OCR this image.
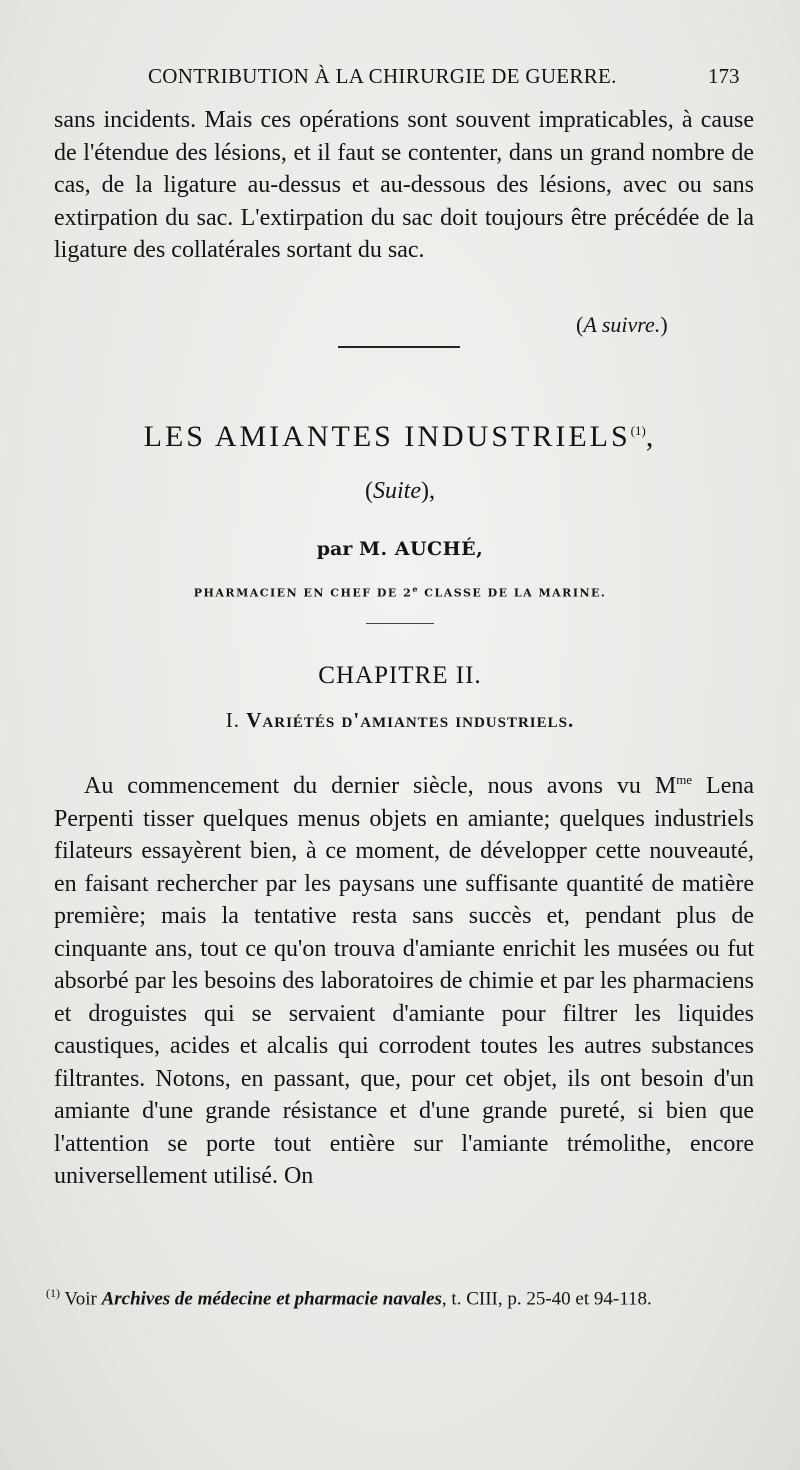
CONTRIBUTION À LA CHIRURGIE DE GUERRE.	173

sans incidents. Mais ces opérations sont souvent impraticables, à cause de l'étendue des lésions, et il faut se contenter, dans un grand nombre de cas, de la ligature au-dessus et au-dessous des lésions, avec ou sans extirpation du sac. L'extirpation du sac doit toujours être précédée de la ligature des collatérales sortant du sac.

(A suivre.)
LES AMIANTES INDUSTRIELS$^{(1)}$,
(Suite),
par M. AUCHÉ,
PHARMACIEN EN CHEF DE 2e CLASSE DE LA MARINE.
CHAPITRE II.
I. Variétés d'amiantes industriels.

Au commencement du dernier siècle, nous avons vu $M^{me}$ Lena Perpenti tisser quelques menus objets en amiante; quelques industriels filateurs essayèrent bien, à ce moment, de développer cette nouveauté, en faisant rechercher par les paysans une suffisante quantité de matière première; mais la tentative resta sans succès et, pendant plus de cinquante ans, tout ce qu'on trouva d'amiante enrichit les musées ou fut absorbé par les besoins des laboratoires de chimie et par les pharmaciens et droguistes qui se servaient d'amiante pour filtrer les liquides caustiques, acides et alcalis qui corrodent toutes les autres substances filtrantes. Notons, en passant, que, pour cet objet, ils ont besoin d'un amiante d'une grande résistance et d'une grande pureté, si bien que l'attention se porte tout entière sur l'amiante trémolithe, encore universellement utilisé. On

$^{(1)}$ Voir Archives de médecine et pharmacie navales, t. CIII, p. 25-40 et 94-118.
